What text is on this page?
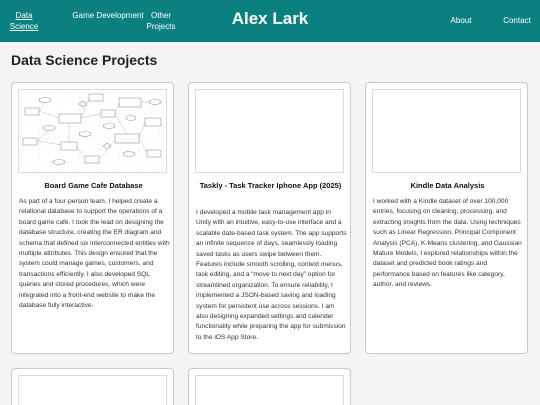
Data Science
Game Development Other Projects	Alex Lark	About	Contact
Data Science Projects
Board Game Cafe Database
As part of a four-person team, I helped create a relational database to support the operations of a board game café. I took the lead on designing the database structure, creating the ER diagram and schema that defined six interconnected entities with multiple attributes. This design ensured that the system could manage games, customers, and transactions efficiently. I also developed SQL queries and stored procedures, which were integrated into a front-end website to make the database fully interactive.
Taskly - Task Tracker Iphone App (2025)
I developed a mobile task management app in Unity with an intuitive, easy-to-use interface and a scalable date-based task system. The app supports an infinite sequence of days, seamlessly loading saved tasks as users swipe between them. Features include smooth scrolling, context menus, task editing, and a “move to next day” option for streamlined organization. To ensure reliability, I implemented a JSON-based saving and loading system for persistent use across sessions. I am also designing expanded settings and calender functionality while preparing the app for submission to the iOS App Store.
Kindle Data Analysis
I worked with a Kindle dataset of over 100,000 entries, focusing on cleaning, processing, and extracting insights from the data. Using techniques such as Linear Regression, Principal Component Analysis (PCA), K-Means clustering, and Gaussian Mature Models, I explored relationships within the dataset and predicted book ratings and performance based on features like category, author, and reviews.
